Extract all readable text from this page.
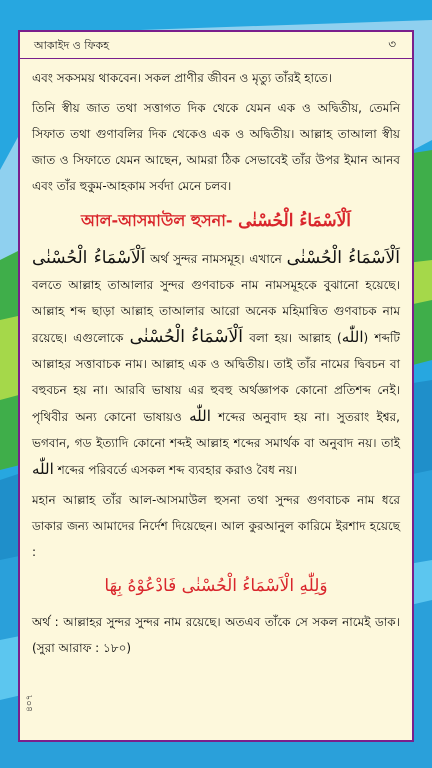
আকাইদ ও ফিকহ	৩

এবং সকসময় থাকবেন। সকল প্রাণীর জীবন ও মৃত্যু তাঁরই হাতে।

তিনি স্বীয় জাত তথা সত্তাগত দিক থেকে যেমন এক ও অদ্বিতীয়, তেমনি সিফাত তথা গুণাবলির দিক থেকেও এক ও অদ্বিতীয়। আল্লাহ তাআলা স্বীয় জাত ও সিফাতে যেমন আছেন, আমরা ঠিক সেভাবেই তাঁর উপর ইমান আনব এবং তাঁর হুকুম-আহকাম সর্বদা মেনে চলব।

আল-আসমাউল হুসনা- اَلْاَسْمَاءُ الْحُسْنٰى

اَلْاَسْمَاءُ الْحُسْنٰى অর্থ সুন্দর নামসমূহ। এখানে اَلْاَسْمَاءُ الْحُسْنٰى বলতে আল্লাহ তাআলার সুন্দর গুণবাচক নাম নামসমূহকে বুঝানো হয়েছে। আল্লাহ শব্দ ছাড়া আল্লাহ তাআলার আরো অনেক মহিমান্বিত গুণবাচক নাম রয়েছে। এগুলোকে	اَلْاَسْمَاءُ الْحُسْنٰى	বলা হয়। আল্লাহ (اللّٰه) শব্দটি আল্লাহর সত্তাবাচক নাম। আল্লাহ এক ও অদ্বিতীয়। তাই তাঁর নামের দ্বিবচন বা বহুবচন হয় না। আরবি ভাষায় এর হুবহু অর্থজ্ঞাপক কোনো প্রতিশব্দ নেই। পৃথিবীর অন্য কোনো ভাষায়ও اللّٰه শব্দের অনুবাদ হয় না। সুতরাং ইশ্বর, ভগবান, গড ইত্যাদি কোনো শব্দই আল্লাহ শব্দের সমার্থক বা অনুবাদ নয়। তাই اللّٰه শব্দের পরিবর্তে এসকল শব্দ ব্যবহার করাও বৈধ নয়।

মহান আল্লাহ তাঁর আল-আসমাউল হুসনা তথা সুন্দর গুণবাচক নাম ধরে ডাকার জন্য আমাদের নির্দেশ দিয়েছেন। আল কুরআনুল কারিমে ইরশাদ হয়েছে :

وَلِلّٰهِ الْاَسْمَاءُ الْحُسْنٰى فَادْعُوْهُ بِهَا

অর্থ : আল্লাহর সুন্দর সুন্দর নাম রয়েছে। অতএব তাঁকে সে সকল নামেই ডাক। (সুরা আরাফ : ১৮০)

৪০৭
